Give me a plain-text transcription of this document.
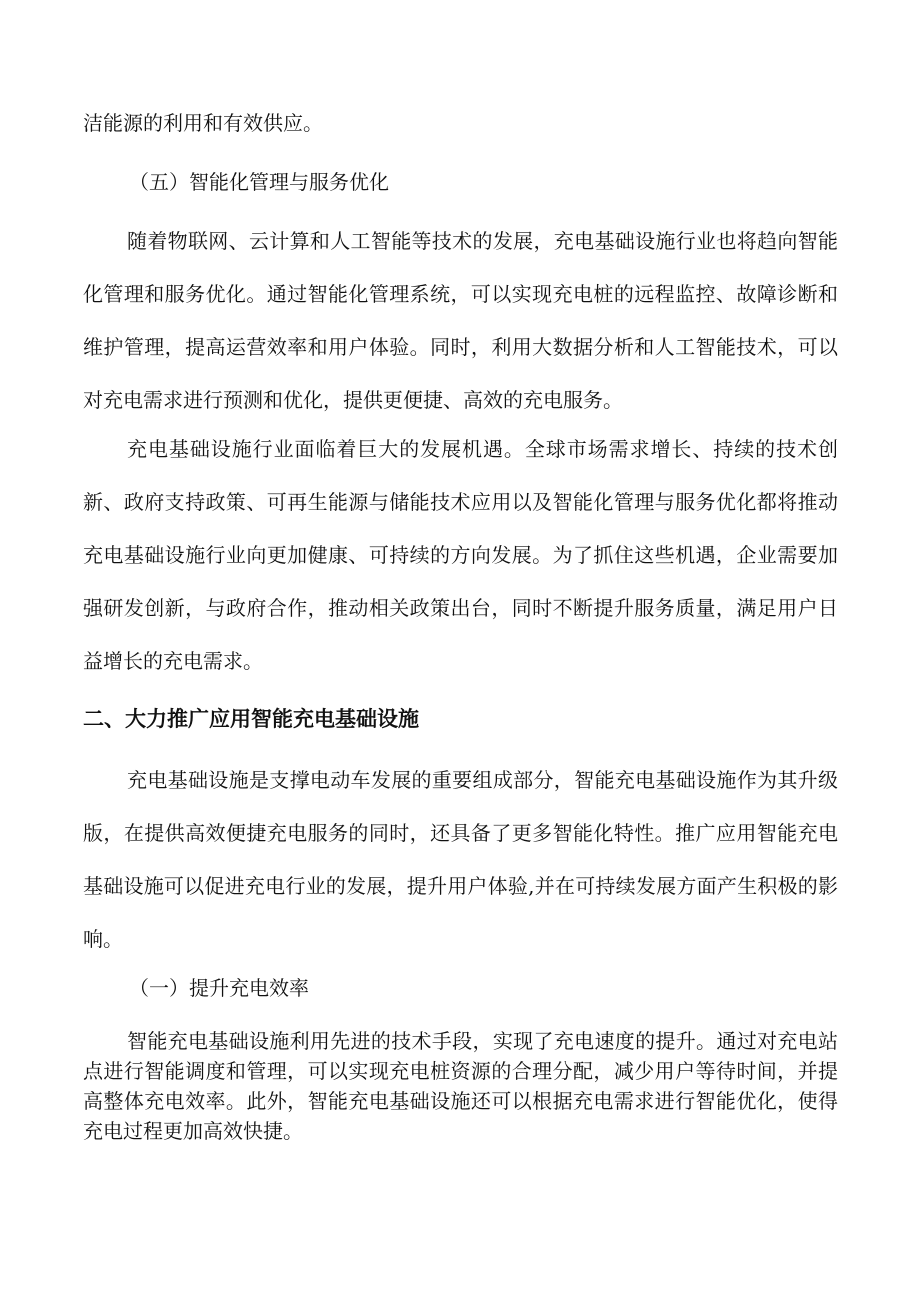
洁能源的利用和有效供应。

（五）智能化管理与服务优化

随着物联网、云计算和人工智能等技术的发展，充电基础设施行业也将趋向智能化管理和服务优化。通过智能化管理系统，可以实现充电桩的远程监控、故障诊断和维护管理，提高运营效率和用户体验。同时，利用大数据分析和人工智能技术，可以对充电需求进行预测和优化，提供更便捷、高效的充电服务。

充电基础设施行业面临着巨大的发展机遇。全球市场需求增长、持续的技术创新、政府支持政策、可再生能源与储能技术应用以及智能化管理与服务优化都将推动充电基础设施行业向更加健康、可持续的方向发展。为了抓住这些机遇，企业需要加强研发创新，与政府合作，推动相关政策出台，同时不断提升服务质量，满足用户日益增长的充电需求。

二、大力推广应用智能充电基础设施

充电基础设施是支撑电动车发展的重要组成部分，智能充电基础设施作为其升级版，在提供高效便捷充电服务的同时，还具备了更多智能化特性。推广应用智能充电基础设施可以促进充电行业的发展，提升用户体验,并在可持续发展方面产生积极的影响。

（一）提升充电效率

智能充电基础设施利用先进的技术手段，实现了充电速度的提升。通过对充电站点进行智能调度和管理，可以实现充电桩资源的合理分配，减少用户等待时间，并提高整体充电效率。此外，智能充电基础设施还可以根据充电需求进行智能优化，使得充电过程更加高效快捷。
